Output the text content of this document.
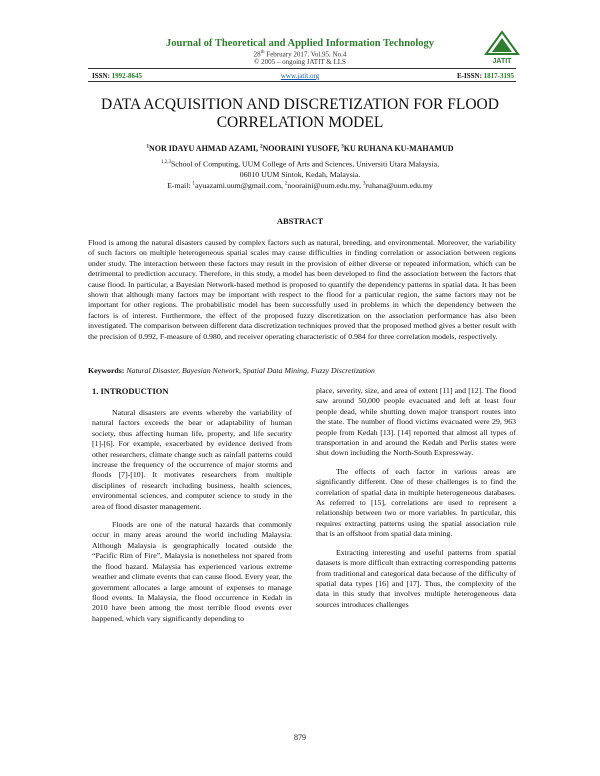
Journal of Theoretical and Applied Information Technology
28th February 2017. Vol.95. No.4
© 2005 – ongoing JATIT & LLS	JATIT
ISSN: 1992-8645	www.jatit.org	E-ISSN: 1817-3195
DATA ACQUISITION AND DISCRETIZATION FOR FLOOD
CORRELATION MODEL
$^1$NOR IDAYU AHMAD AZAMI, $^2$NOORAINI YUSOFF, $^3$KU RUHANA KU-MAHAMUD
$^{1,2,3}$School of Computing, UUM College of Arts and Sciences, Universiti Utara Malaysia,
06010 UUM Sintok, Kedah, Malaysia.
E-mail: $^1$ayuazami.uum@gmail.com, $^2$nooraini@uum.edu.my, $^3$ruhana@uum.edu.my
ABSTRACT
Flood is among the natural disasters caused by complex factors such as natural, breeding, and environmental. Moreover, the variability of such factors on multiple heterogeneous spatial scales may cause difficulties in finding correlation or association between regions under study. The interaction between these factors may result in the provision of either diverse or repeated information, which can be detrimental to prediction accuracy. Therefore, in this study, a model has been developed to find the association between the factors that cause flood. In particular, a Bayesian Network-based method is proposed to quantify the dependency patterns in spatial data. It has been shown that although many factors may be important with respect to the flood for a particular region, the same factors may not be important for other regions. The probabilistic model has been successfully used in problems in which the dependency between the factors is of interest. Furthermore, the effect of the proposed fuzzy discretization on the association performance has also been investigated. The comparison between different data discretization techniques proved that the proposed method gives a better result with the precision of 0.992, F-measure of 0.980, and receiver operating characteristic of 0.984 for three correlation models, respectively.
Keywords: Natural Disaster, Bayesian Network, Spatial Data Mining, Fuzzy Discretization
1. INTRODUCTION

Natural disasters are events whereby the variability of natural factors exceeds the bear or adaptability of human society, thus affecting human life, property, and life security [1]-[6]. For example, exacerbated by evidence derived from other researchers, climate change such as rainfall patterns could increase the frequency of the occurrence of major storms and floods [7]-[10]. It motivates researchers from multiple disciplines of research including business, health sciences, environmental sciences, and computer science to study in the area of flood disaster management.

Floods are one of the natural hazards that commonly occur in many areas around the world including Malaysia. Although Malaysia is geographically located outside the “Pacific Rim of Fire”, Malaysia is nonetheless not spared from the flood hazard. Malaysia has experienced various extreme weather and climate events that can cause flood. Every year, the government allocates a large amount of expenses to manage flood events. In Malaysia, the flood occurrence in Kedah in 2010 have been among the most terrible flood events ever happened, which vary significantly depending to

place, severity, size, and area of extent [11] and [12]. The flood saw around 50,000 people evacuated and left at least four people dead, while shutting down major transport routes into the state. The number of flood victims evacuated were 29, 963 people from Kedah [13]. [14] reported that almost all types of transportation in and around the Kedah and Perlis states were shut down including the North-South Expressway.

The effects of each factor in various areas are significantly different. One of these challenges is to find the correlation of spatial data in multiple heterogeneous databases. As referred to [15], correlations are used to represent a relationship between two or more variables. In particular, this requires extracting patterns using the spatial association rule that is an offshoot from spatial data mining.

Extracting interesting and useful patterns from spatial datasets is more difficult than extracting corresponding patterns from traditional and categorical data because of the difficulty of spatial data types [16] and [17]. Thus, the complexity of the data in this study that involves multiple heterogeneous data sources introduces challenges

879
